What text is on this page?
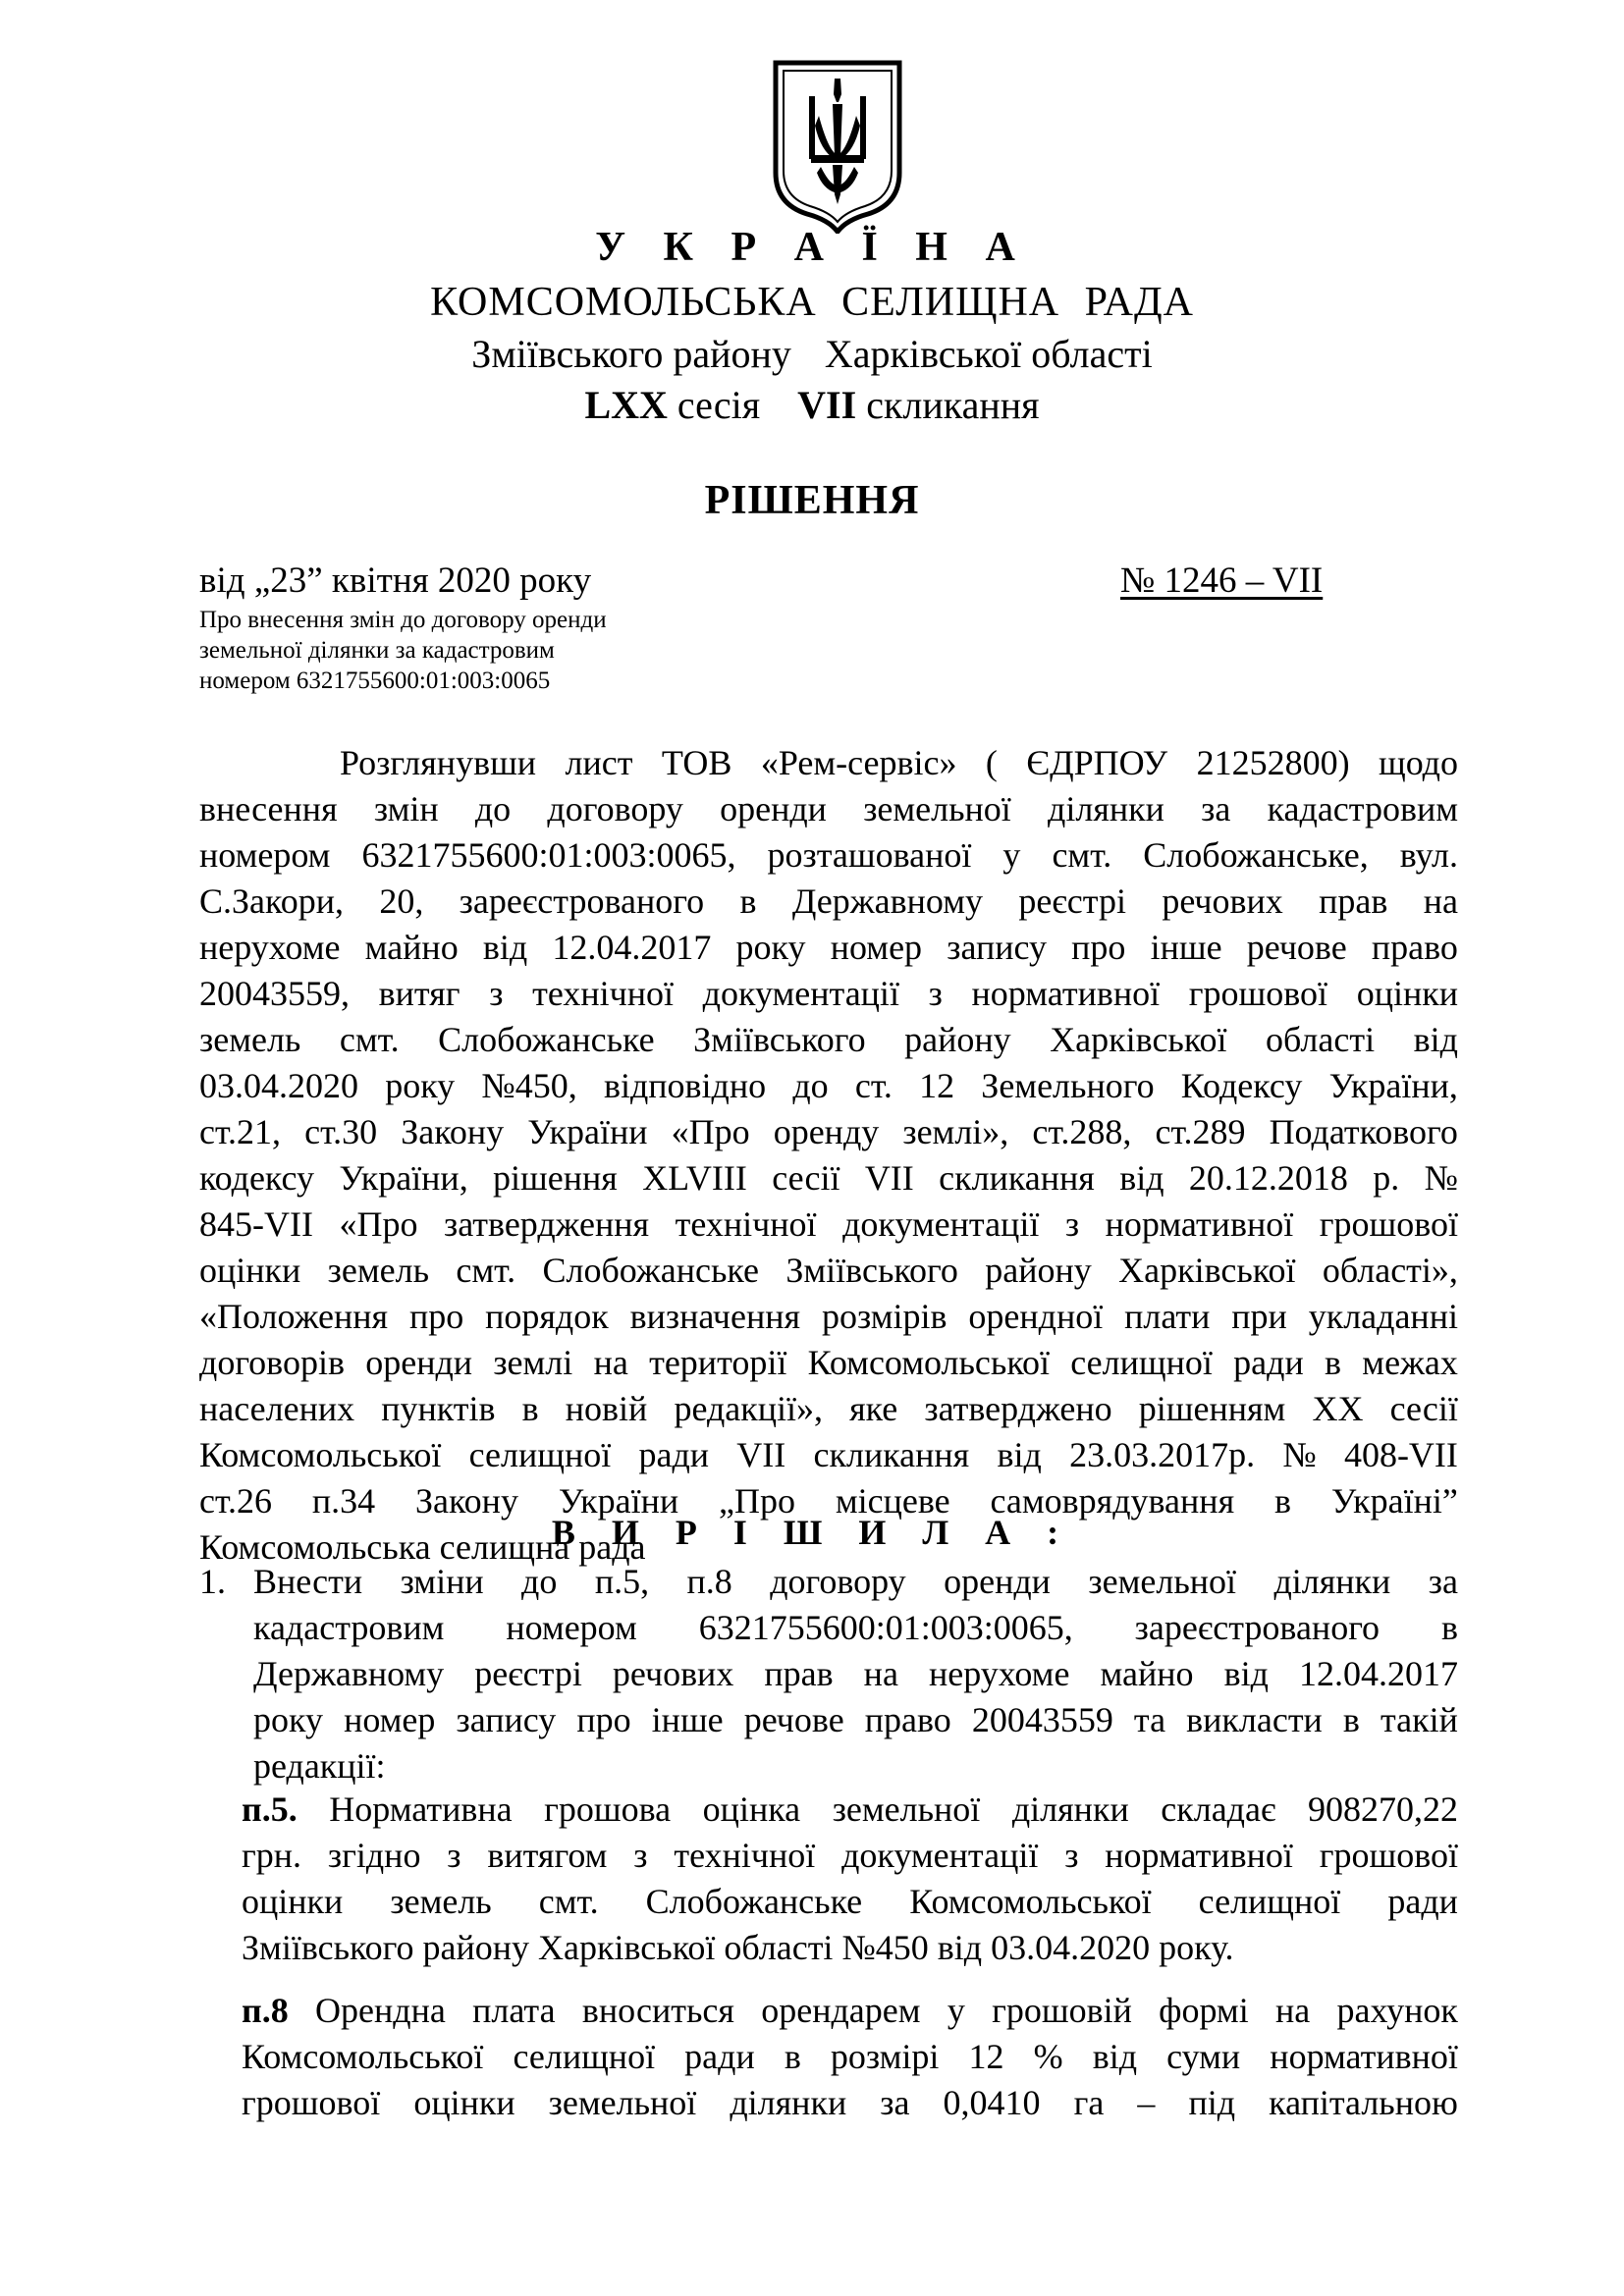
У К Р А Ї Н А
КОМСОМОЛЬСЬКА СЕЛИЩНА РАДА
Зміївського району Харківської області
LXX сесія VII скликання
РІШЕННЯ
від „23” квітня 2020 року	№ 1246 – VII
Про внесення змін до договору оренди
земельної ділянки за кадастровим
номером 6321755600:01:003:0065
Розглянувши лист ТОВ «Рем-сервіс» ( ЄДРПОУ 21252800) щодо
внесення змін до договору оренди земельної ділянки за кадастровим
номером 6321755600:01:003:0065, розташованої у смт. Слобожанське, вул.
С.Закори, 20, зареєстрованого в Державному реєстрі речових прав на
нерухоме майно від 12.04.2017 року номер запису про інше речове право
20043559, витяг з технічної документації з нормативної грошової оцінки
земель смт. Слобожанське Зміївського району Харківської області від
03.04.2020 року №450, відповідно до ст. 12 Земельного Кодексу України,
ст.21, ст.30 Закону України «Про оренду землі», ст.288, ст.289 Податкового
кодексу України, рішення XLVIII сесії VII скликання від 20.12.2018 р. №
845-VII «Про затвердження технічної документації з нормативної грошової
оцінки земель смт. Слобожанське Зміївського району Харківської області»,
«Положення про порядок визначення розмірів орендної плати при укладанні
договорів оренди землі на території Комсомольської селищної ради в межах
населених пунктів в новій редакції», яке затверджено рішенням XX сесії
Комсомольської селищної ради VII скликання від 23.03.2017р. № 408-VII
ст.26 п.34 Закону України „Про місцеве самоврядування в Україні”
Комсомольська селищна рада
В И Р І Ш И Л А :
1. Внести зміни до п.5, п.8 договору оренди земельної ділянки за
кадастровим номером 6321755600:01:003:0065, зареєстрованого в
Державному реєстрі речових прав на нерухоме майно від 12.04.2017
року номер запису про інше речове право 20043559 та викласти в такій
редакції:
п.5. Нормативна грошова оцінка земельної ділянки складає 908270,22
грн. згідно з витягом з технічної документації з нормативної грошової
оцінки земель смт. Слобожанське Комсомольської селищної ради
Зміївського району Харківської області №450 від 03.04.2020 року.
п.8 Орендна плата вноситься орендарем у грошовій формі на рахунок
Комсомольської селищної ради в розмірі 12 % від суми нормативної
грошової оцінки земельної ділянки за 0,0410 га – під капітальною
